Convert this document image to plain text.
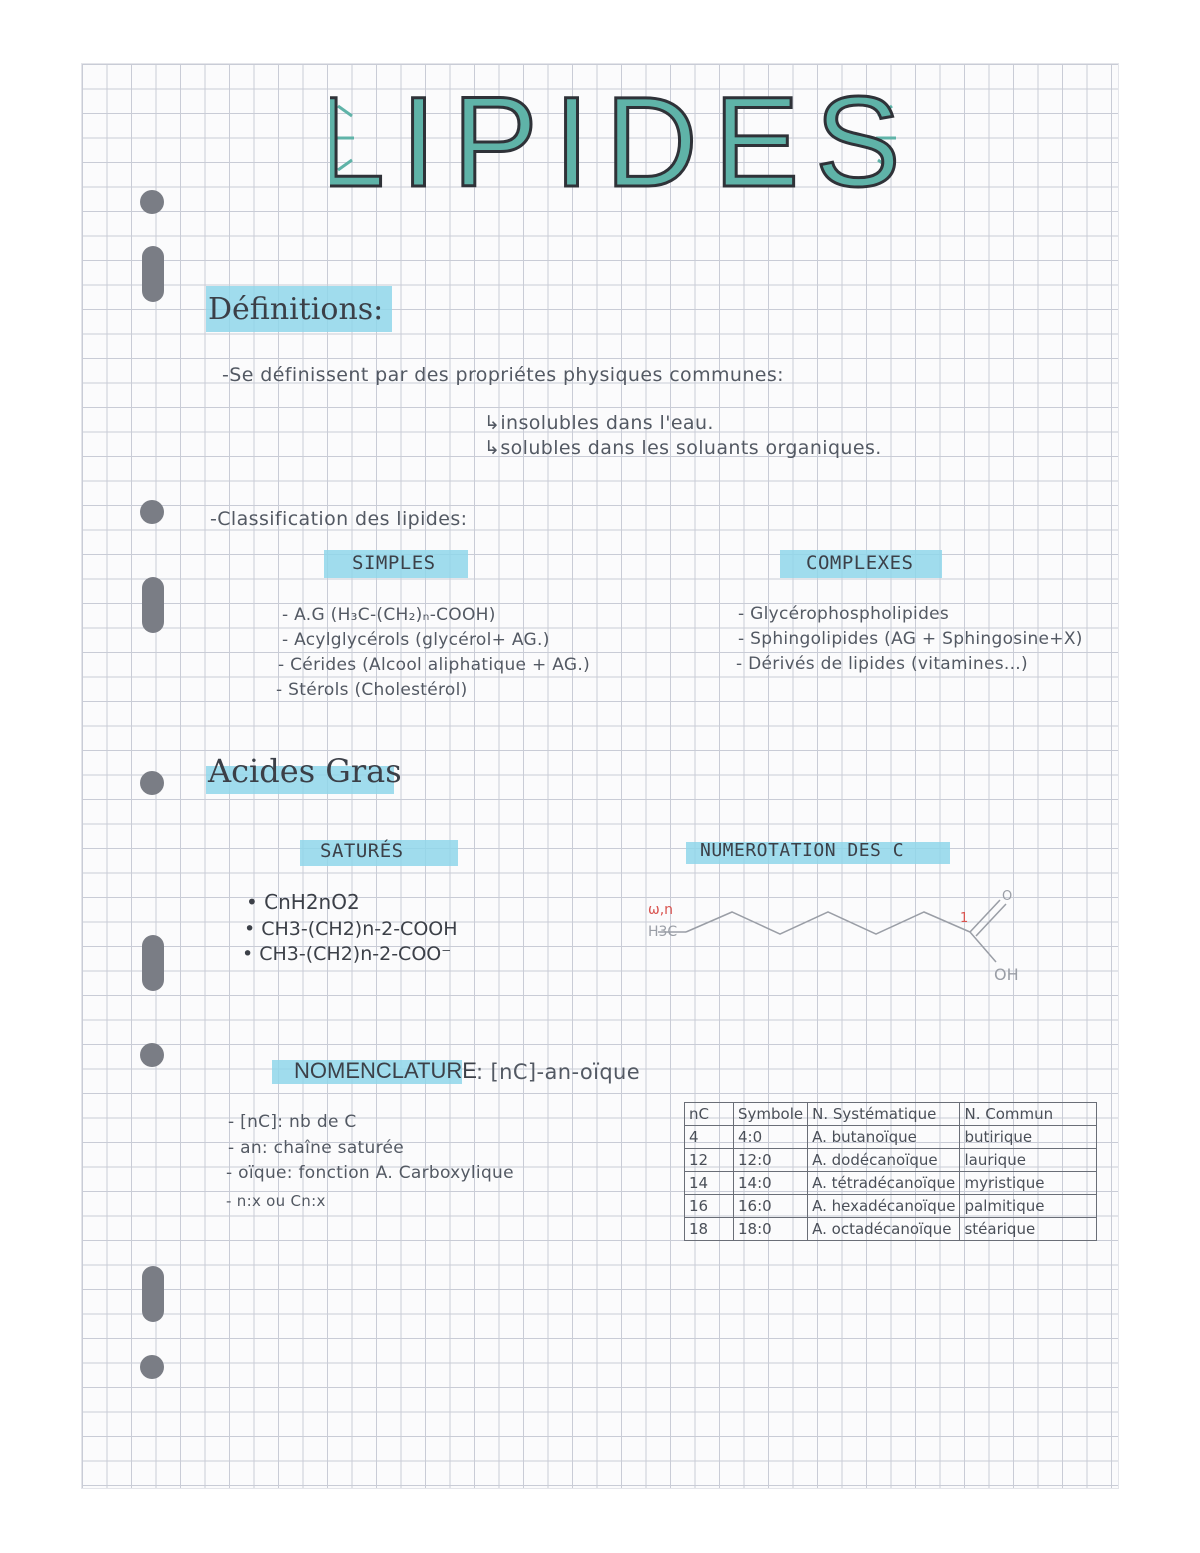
LIPIDES
Définitions:
-Se définissent par des propriétes physiques communes:
↳insolubles dans l'eau.
↳solubles dans les soluants organiques.
-Classification des lipides:
SIMPLES	COMPLEXES
- A.G (H₃C-(CH₂)ₙ-COOH)
- Acylglycérols (glycérol+ AG.)
- Cérides (Alcool aliphatique + AG.)
- Stérols (Cholestérol)
- Glycérophospholipides
- Sphingolipides (AG + Sphingosine+X)
- Dérivés de lipides (vitamines...)
Acides Gras
SATURÉS	NUMEROTATION DES C
• CnH2nO2
• CH3-(CH2)n-2-COOH
• CH3-(CH2)n-2-COO⁻
ω,n
H3C
1
O
OH
NOMENCLATURE : [nC]-an-oïque
- [nC]: nb de C
- an: chaîne saturée
- oïque: fonction A. Carboxylique
- n:x ou Cn:x
nC	Symbole	N. Systématique	N. Commun
4	4:0	A. butanoïque	butirique
12	12:0	A. dodécanoïque	laurique
14	14:0	A. tétradécanoïque	myristique
16	16:0	A. hexadécanoïque	palmitique
18	18:0	A. octadécanoïque	stéarique
